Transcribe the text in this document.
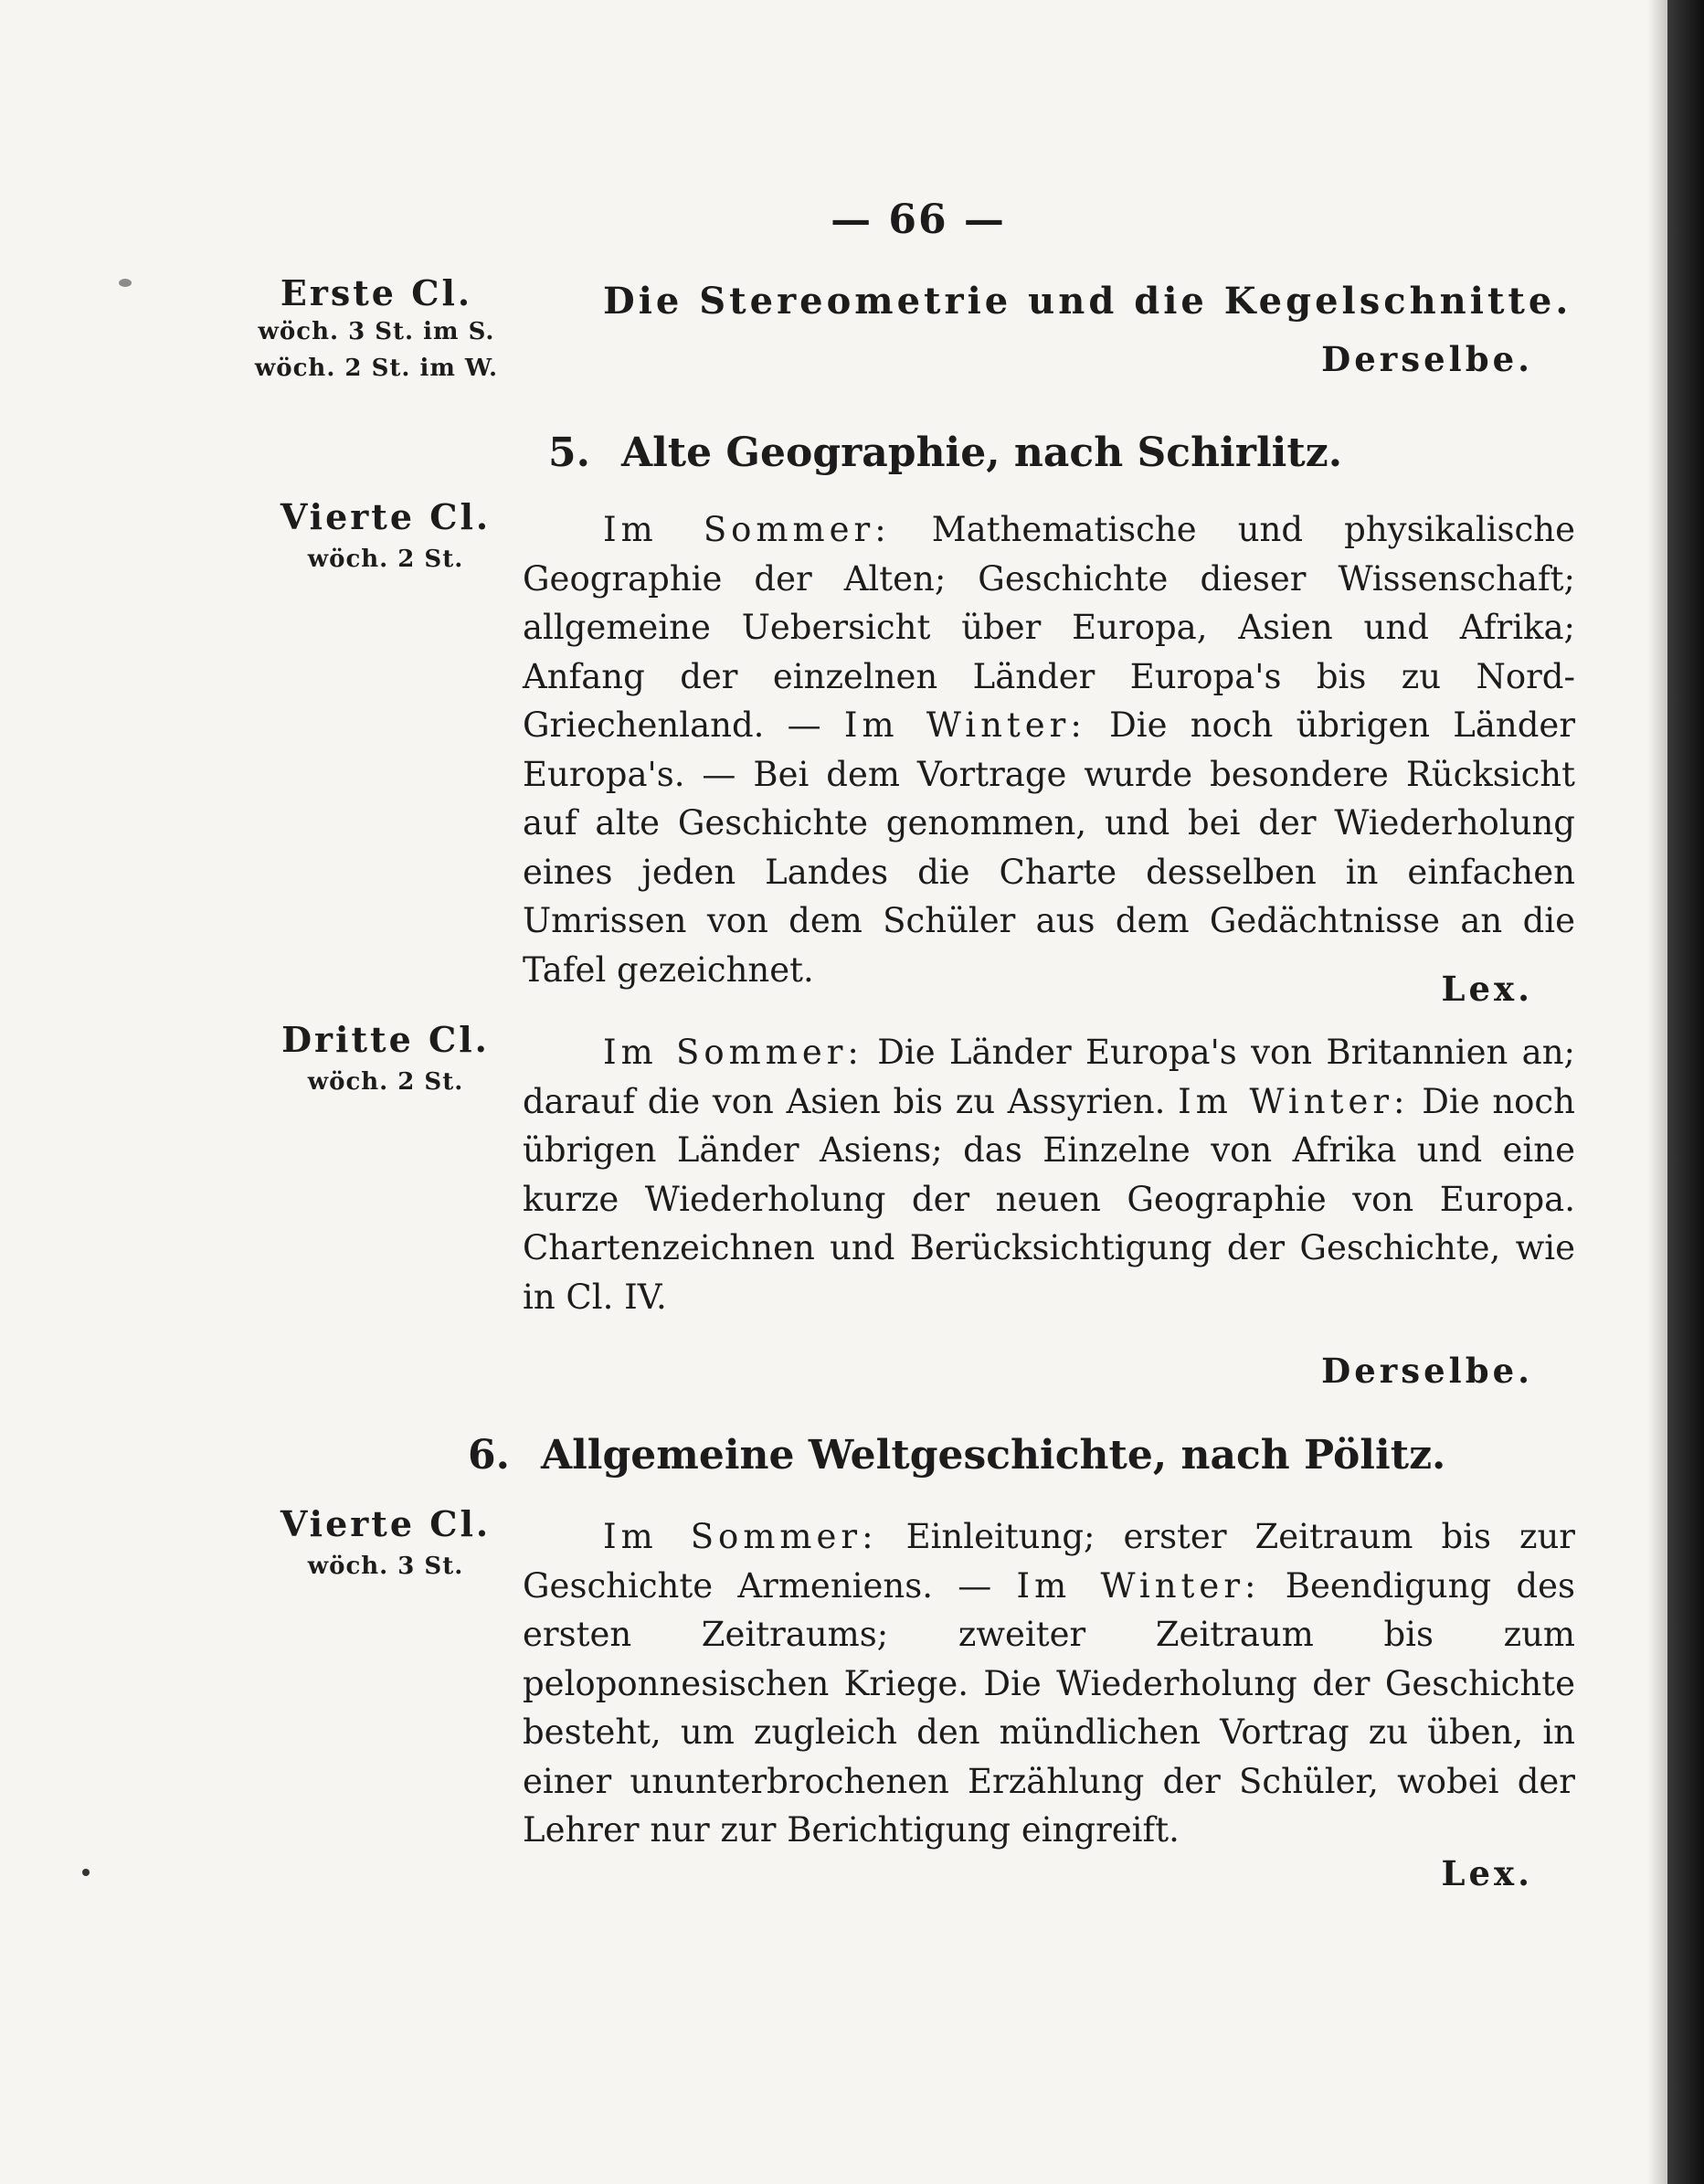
— 66 —
Erste Cl.
wöch. 3 St. im S.
wöch. 2 St. im W.
Die Stereometrie und die Kegelschnitte.
Derselbe.
5. Alte Geographie, nach Schirlitz.
Vierte Cl.
wöch. 2 St.

Im Sommer: Mathematische und physikalische Geographie der Alten; Geschichte dieser Wissenschaft; allgemeine Uebersicht über Europa, Asien und Afrika; Anfang der einzelnen Länder Europa's bis zu Nord-Griechenland. — Im Winter: Die noch übrigen Länder Europa's. — Bei dem Vortrage wurde besondere Rücksicht auf alte Geschichte genommen, und bei der Wiederholung eines jeden Landes die Charte desselben in einfachen Umrissen von dem Schüler aus dem Gedächtnisse an die Tafel gezeichnet.	Lex.
Dritte Cl.
wöch. 2 St.

Im Sommer: Die Länder Europa's von Britannien an; darauf die von Asien bis zu Assyrien. Im Winter: Die noch übrigen Länder Asiens; das Einzelne von Afrika und eine kurze Wiederholung der neuen Geographie von Europa. Chartenzeichnen und Berücksichtigung der Geschichte, wie in Cl. IV.

Derselbe.
6. Allgemeine Weltgeschichte, nach Pölitz.
Vierte Cl.
wöch. 3 St.

Im Sommer: Einleitung; erster Zeitraum bis zur Geschichte Armeniens. — Im Winter: Beendigung des ersten Zeitraums; zweiter Zeitraum bis zum peloponnesischen Kriege. Die Wiederholung der Geschichte besteht, um zugleich den mündlichen Vortrag zu üben, in einer ununterbrochenen Erzählung der Schüler, wobei der Lehrer nur zur Berichtigung eingreift.

Lex.
